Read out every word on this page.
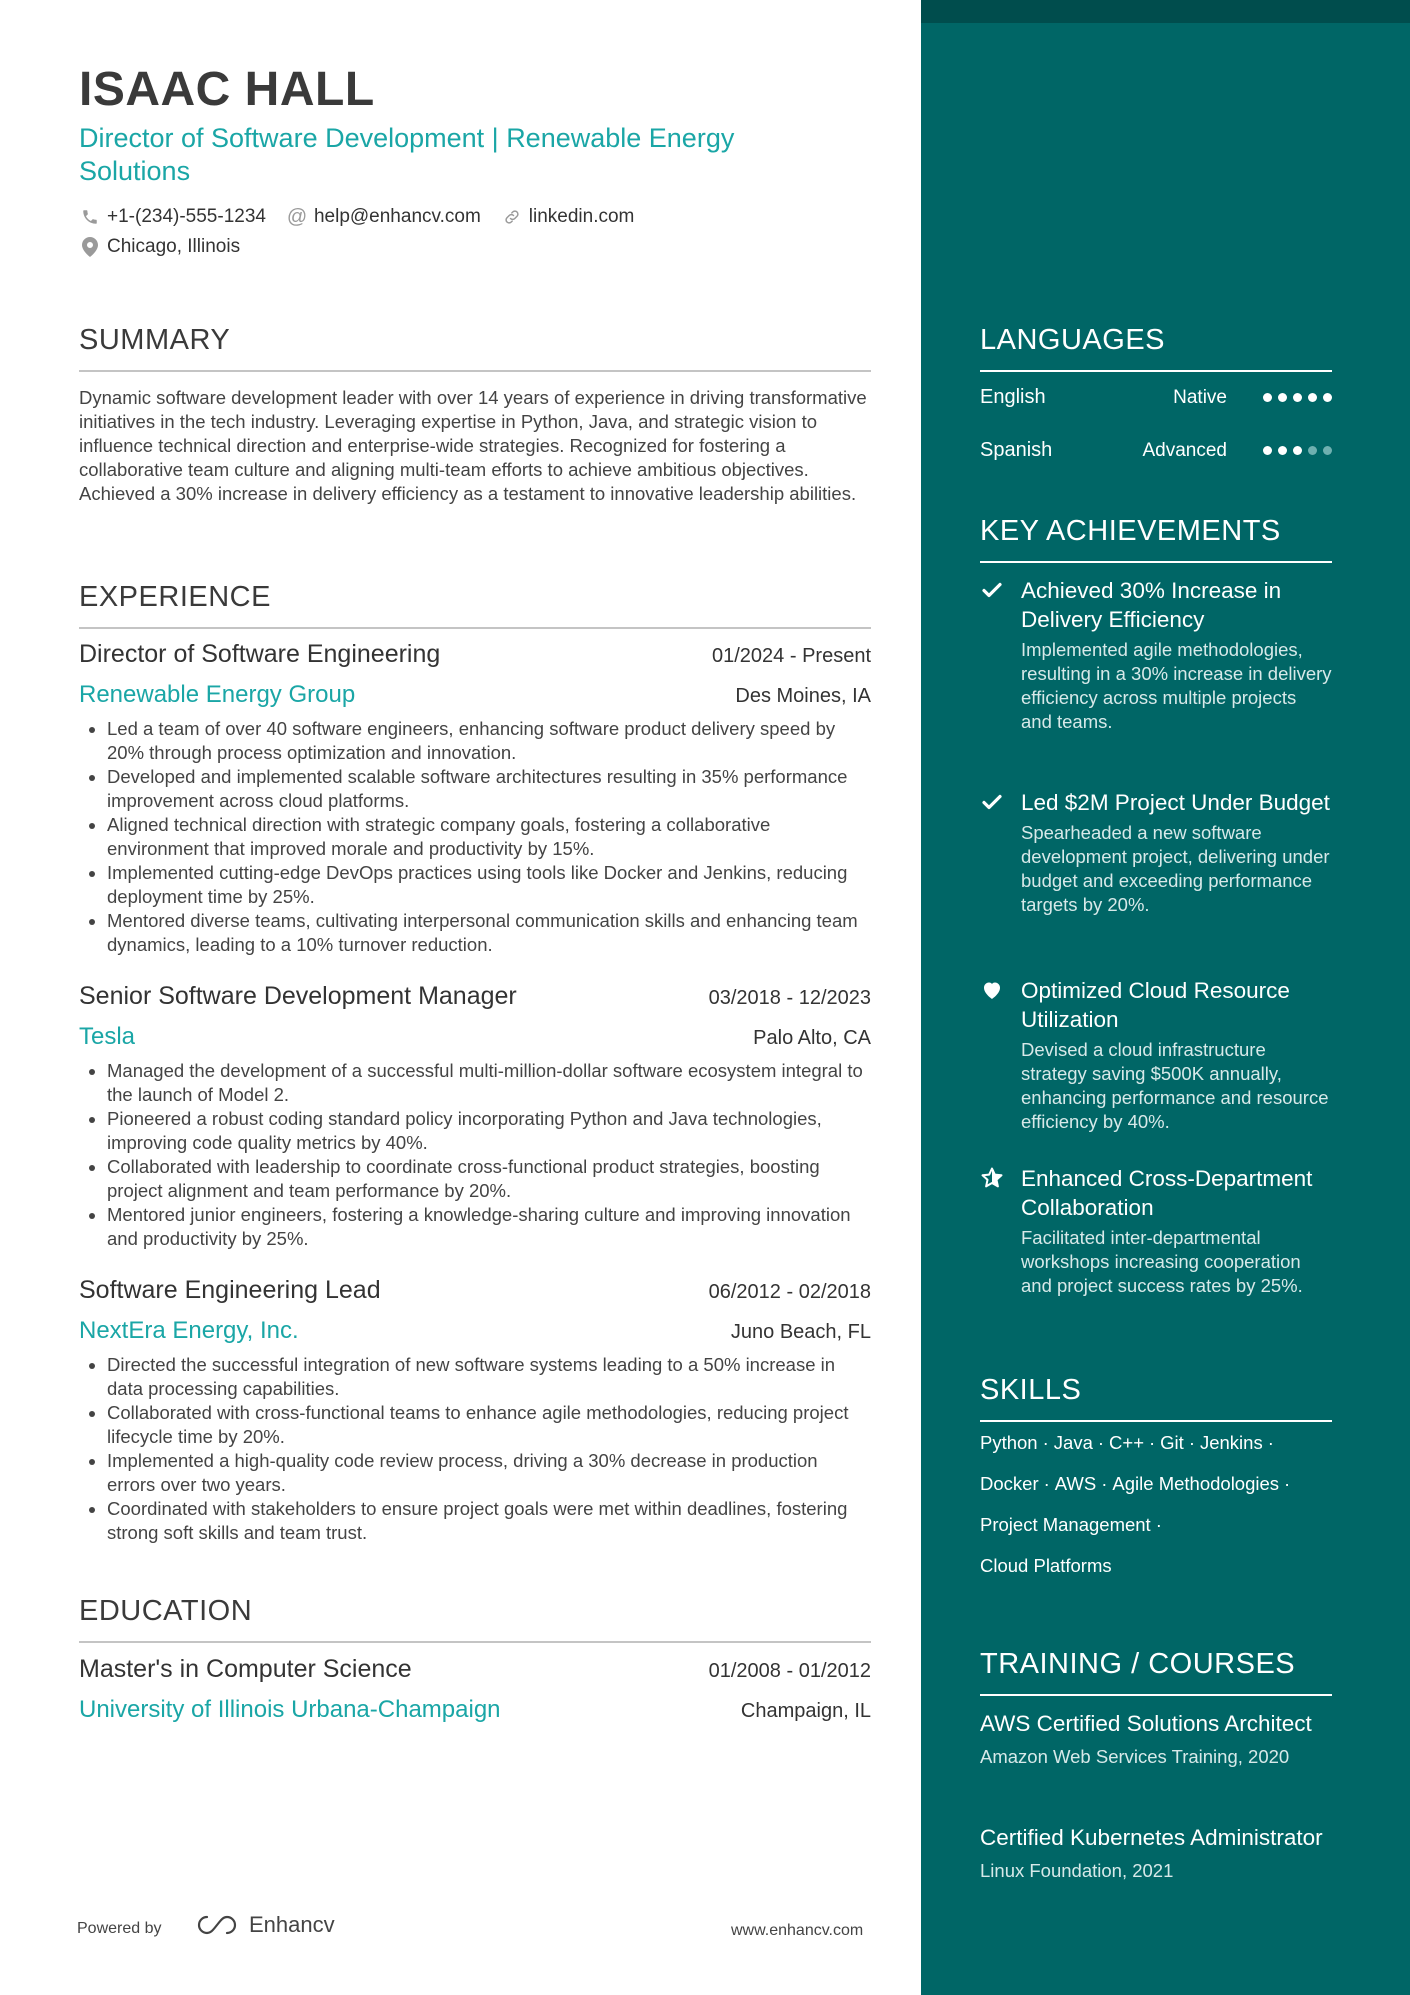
ISAAC HALL
Director of Software Development | Renewable Energy Solutions
+1-(234)-555-1234 @ help@enhancv.com	linkedin.com
Chicago, Illinois
SUMMARY
Dynamic software development leader with over 14 years of experience in driving transformative initiatives in the tech industry. Leveraging expertise in Python, Java, and strategic vision to influence technical direction and enterprise-wide strategies. Recognized for fostering a collaborative team culture and aligning multi-team efforts to achieve ambitious objectives. Achieved a 30% increase in delivery efficiency as a testament to innovative leadership abilities.
EXPERIENCE
Director of Software Engineering	01/2024 - Present
Renewable Energy Group	Des Moines, IA
• Led a team of over 40 software engineers, enhancing software product delivery speed by 20% through process optimization and innovation.
• Developed and implemented scalable software architectures resulting in 35% performance improvement across cloud platforms.
• Aligned technical direction with strategic company goals, fostering a collaborative environment that improved morale and productivity by 15%.
• Implemented cutting-edge DevOps practices using tools like Docker and Jenkins, reducing deployment time by 25%.
• Mentored diverse teams, cultivating interpersonal communication skills and enhancing team dynamics, leading to a 10% turnover reduction.
Senior Software Development Manager	03/2018 - 12/2023
Tesla	Palo Alto, CA
• Managed the development of a successful multi-million-dollar software ecosystem integral to the launch of Model 2.
• Pioneered a robust coding standard policy incorporating Python and Java technologies, improving code quality metrics by 40%.
• Collaborated with leadership to coordinate cross-functional product strategies, boosting project alignment and team performance by 20%.
• Mentored junior engineers, fostering a knowledge-sharing culture and improving innovation and productivity by 25%.
Software Engineering Lead	06/2012 - 02/2018
NextEra Energy, Inc.	Juno Beach, FL
• Directed the successful integration of new software systems leading to a 50% increase in data processing capabilities.
• Collaborated with cross-functional teams to enhance agile methodologies, reducing project lifecycle time by 20%.
• Implemented a high-quality code review process, driving a 30% decrease in production errors over two years.
• Coordinated with stakeholders to ensure project goals were met within deadlines, fostering strong soft skills and team trust.
EDUCATION
Master's in Computer Science	01/2008 - 01/2012
University of Illinois Urbana-Champaign	Champaign, IL
Powered by	Enhancv	www.enhancv.com
LANGUAGES
English	Native
Spanish	Advanced
KEY ACHIEVEMENTS
Achieved 30% Increase in Delivery Efficiency
Implemented agile methodologies, resulting in a 30% increase in delivery efficiency across multiple projects and teams.
Led $2M Project Under Budget
Spearheaded a new software development project, delivering under budget and exceeding performance targets by 20%.
Optimized Cloud Resource Utilization
Devised a cloud infrastructure strategy saving $500K annually, enhancing performance and resource efficiency by 40%.
Enhanced Cross-Department Collaboration
Facilitated inter-departmental workshops increasing cooperation and project success rates by 25%.
SKILLS
Python · Java · C++ · Git · Jenkins ·
Docker · AWS · Agile Methodologies ·
Project Management ·
Cloud Platforms
TRAINING / COURSES
AWS Certified Solutions Architect
Amazon Web Services Training, 2020
Certified Kubernetes Administrator
Linux Foundation, 2021
